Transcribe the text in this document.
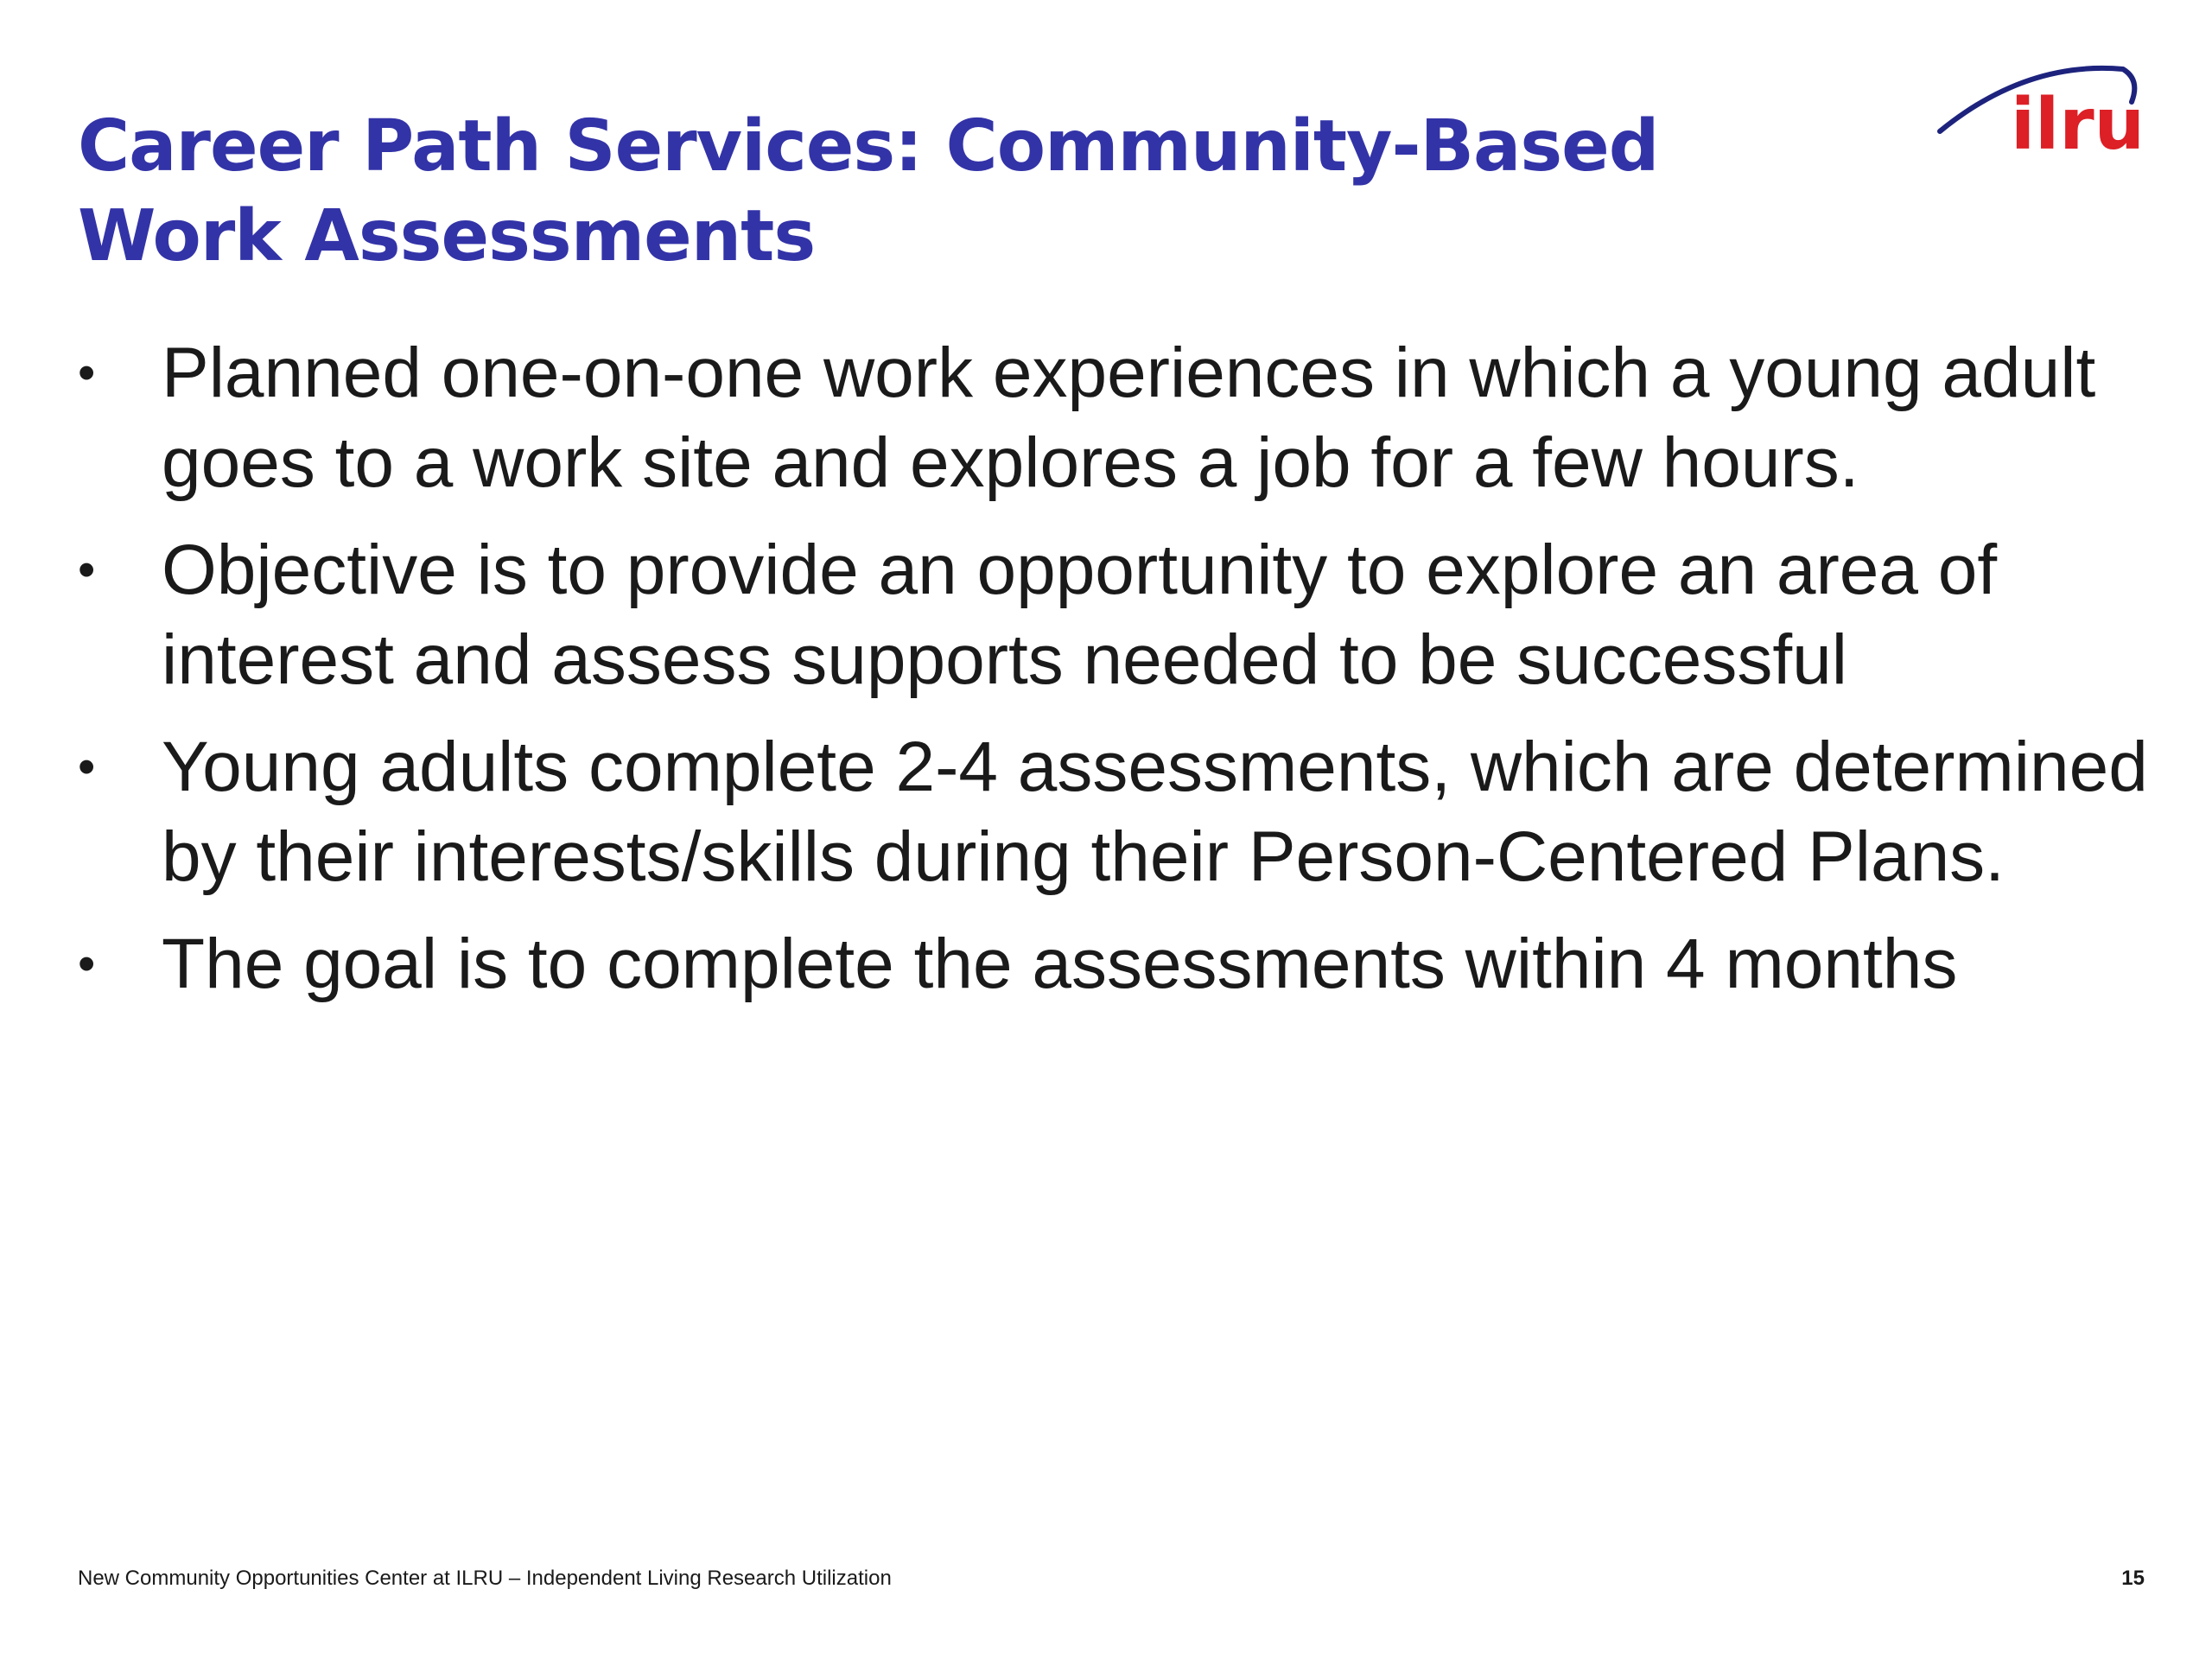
Career Path Services: Community-Based Work Assessments
ilru
• Planned one-on-one work experiences in which a young adult goes to a work site and explores a job for a few hours.
• Objective is to provide an opportunity to explore an area of interest and assess supports needed to be successful
• Young adults complete 2-4 assessments, which are determined by their interests/skills during their Person-Centered Plans.
• The goal is to complete the assessments within 4 months
New Community Opportunities Center at ILRU – Independent Living Research Utilization	15
